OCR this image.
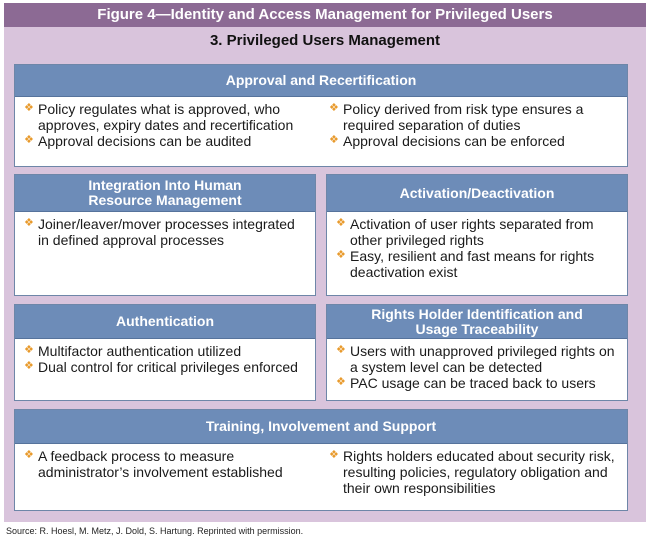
Figure 4—Identity and Access Management for Privileged Users
3. Privileged Users Management
Approval and Recertification
❖
Policy regulates what is approved, who approves, expiry dates and recertification
❖
Approval decisions can be audited
❖
Policy derived from risk type ensures a required separation of duties
❖
Approval decisions can be enforced
Integration Into Human Resource Management
❖
Joiner/leaver/mover processes integrated in defined approval processes
Activation/Deactivation
❖
Activation of user rights separated from other privileged rights
❖
Easy, resilient and fast means for rights deactivation exist
Authentication
❖
Multifactor authentication utilized
❖
Dual control for critical privileges enforced
Rights Holder Identification and Usage Traceability
❖
Users with unapproved privileged rights on a system level can be detected
❖
PAC usage can be traced back to users
Training, Involvement and Support
❖
A feedback process to measure administrator’s involvement established
❖
Rights holders educated about security risk, resulting policies, regulatory obligation and their own responsibilities
Source: R. Hoesl, M. Metz, J. Dold, S. Hartung. Reprinted with permission.
